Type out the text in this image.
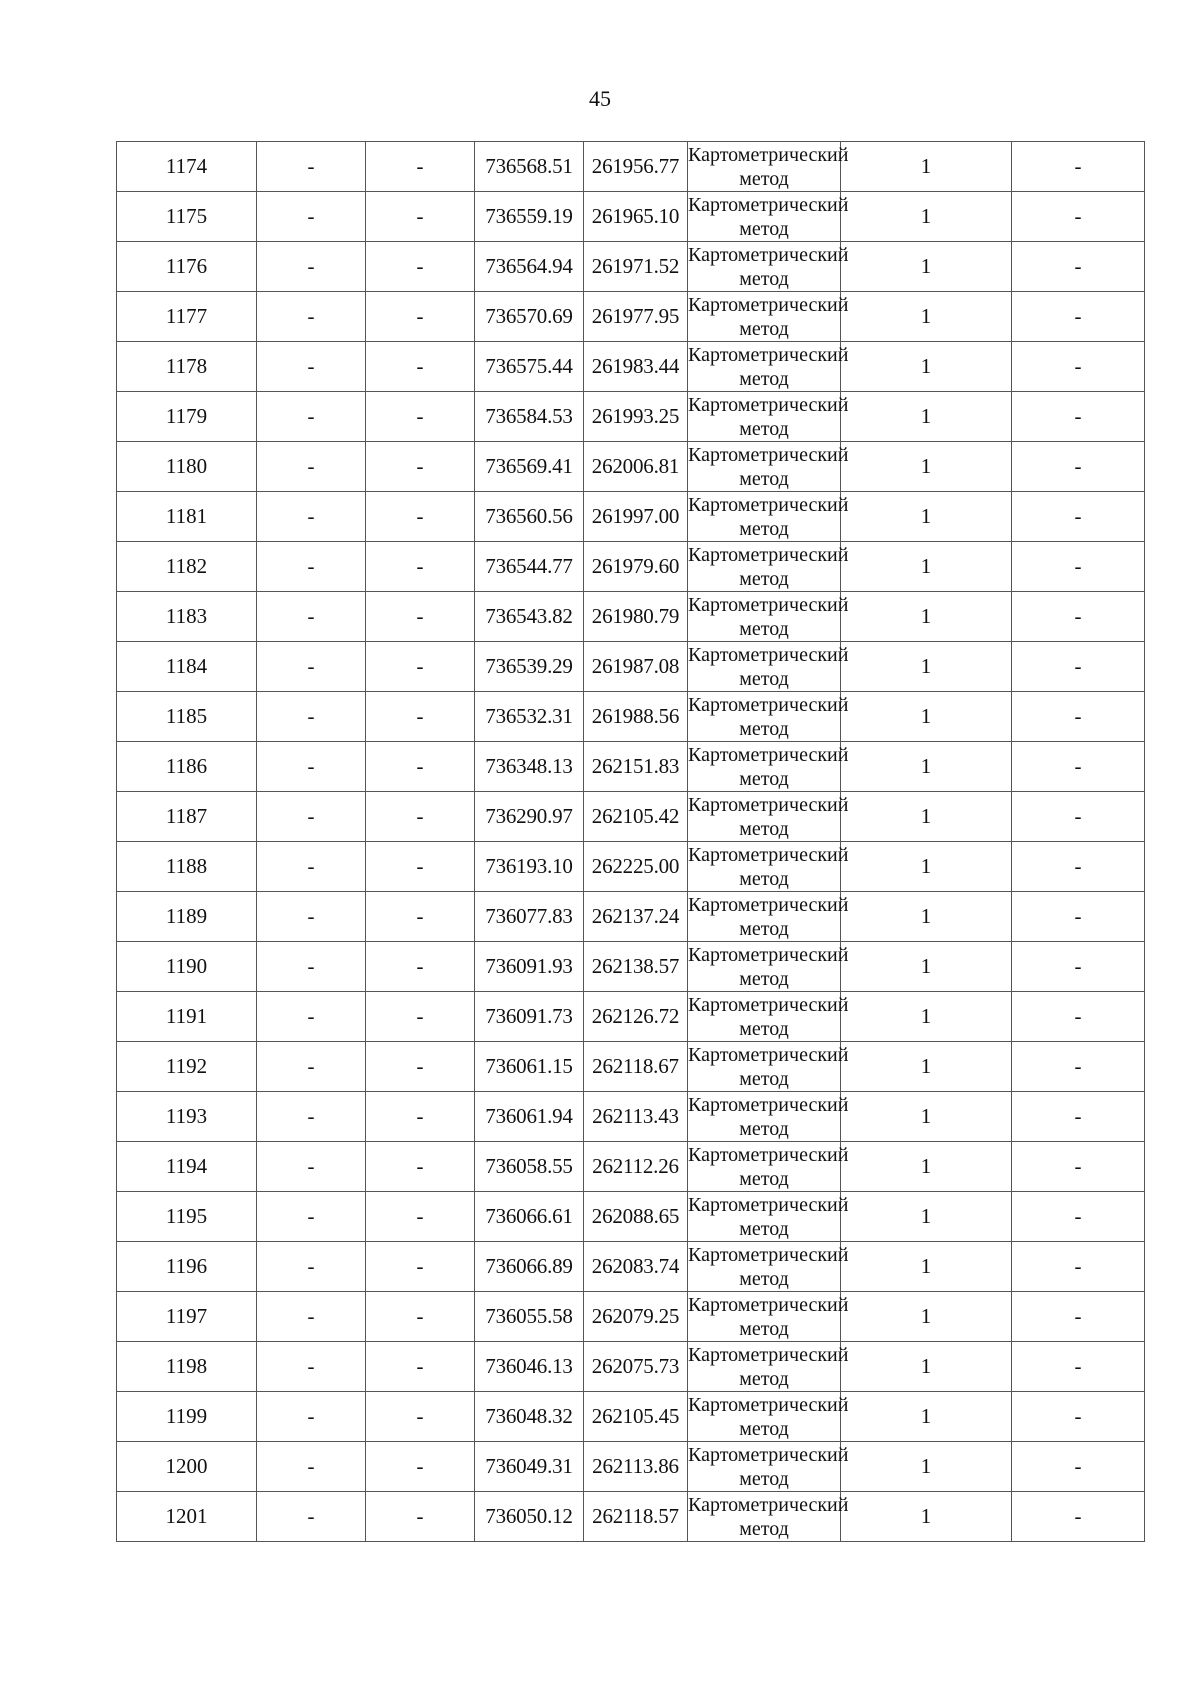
45
1174	-	-	736568.51	261956.77	Картометрический метод	1	-
1175	-	-	736559.19	261965.10	Картометрический метод	1	-
1176	-	-	736564.94	261971.52	Картометрический метод	1	-
1177	-	-	736570.69	261977.95	Картометрический метод	1	-
1178	-	-	736575.44	261983.44	Картометрический метод	1	-
1179	-	-	736584.53	261993.25	Картометрический метод	1	-
1180	-	-	736569.41	262006.81	Картометрический метод	1	-
1181	-	-	736560.56	261997.00	Картометрический метод	1	-
1182	-	-	736544.77	261979.60	Картометрический метод	1	-
1183	-	-	736543.82	261980.79	Картометрический метод	1	-
1184	-	-	736539.29	261987.08	Картометрический метод	1	-
1185	-	-	736532.31	261988.56	Картометрический метод	1	-
1186	-	-	736348.13	262151.83	Картометрический метод	1	-
1187	-	-	736290.97	262105.42	Картометрический метод	1	-
1188	-	-	736193.10	262225.00	Картометрический метод	1	-
1189	-	-	736077.83	262137.24	Картометрический метод	1	-
1190	-	-	736091.93	262138.57	Картометрический метод	1	-
1191	-	-	736091.73	262126.72	Картометрический метод	1	-
1192	-	-	736061.15	262118.67	Картометрический метод	1	-
1193	-	-	736061.94	262113.43	Картометрический метод	1	-
1194	-	-	736058.55	262112.26	Картометрический метод	1	-
1195	-	-	736066.61	262088.65	Картометрический метод	1	-
1196	-	-	736066.89	262083.74	Картометрический метод	1	-
1197	-	-	736055.58	262079.25	Картометрический метод	1	-
1198	-	-	736046.13	262075.73	Картометрический метод	1	-
1199	-	-	736048.32	262105.45	Картометрический метод	1	-
1200	-	-	736049.31	262113.86	Картометрический метод	1	-
1201	-	-	736050.12	262118.57	Картометрический метод	1	-
